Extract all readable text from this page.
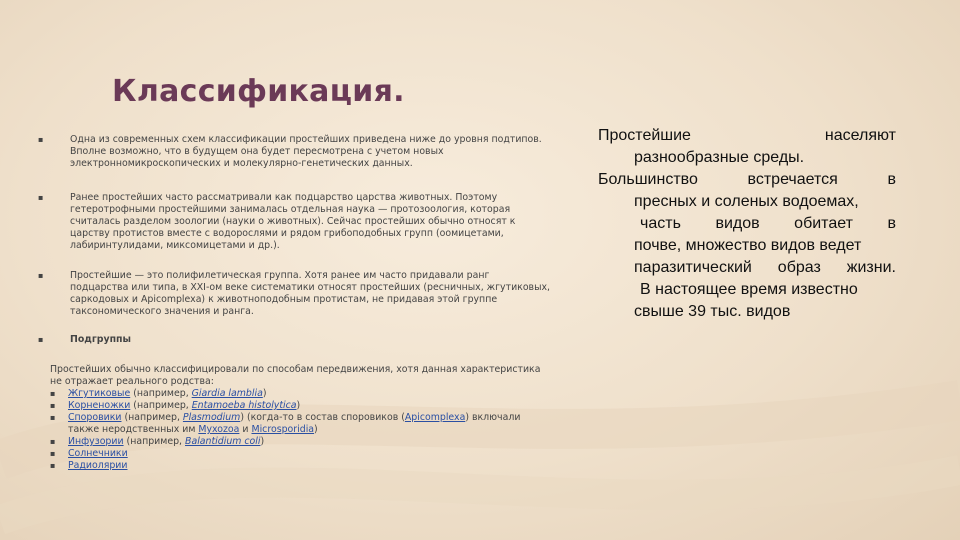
Классификация.
▪	Одна из современных схем классификации простейших приведена ниже до уровня подтипов. Вполне возможно, что в будущем она будет пересмотрена с учетом новых электронномикроскопических и молекулярно-генетических данных.
▪	Ранее простейших часто рассматривали как подцарство царства животных. Поэтому гетеротрофными простейшими занималась отдельная наука — протозоология, которая считалась разделом зоологии (науки о животных). Сейчас простейших обычно относят к царству протистов вместе с водорослями и рядом грибоподобных групп (оомицетами, лабиринтулидами, миксомицетами и др.).
▪	Простейшие — это полифилетическая группа. Хотя ранее им часто придавали ранг подцарства или типа, в XXI-ом веке систематики относят простейших (ресничных, жгутиковых, саркодовых и Apicomplexa) к животноподобным протистам, не придавая этой группе таксономического значения и ранга.
▪	Подгруппы
Простейших обычно классифицировали по способам передвижения, хотя данная характеристика не отражает реального родства:
▪ Жгутиковые (например, Giardia lamblia)
▪ Корненожки (например, Entamoeba histolytica)
▪ Споровики (например, Plasmodium) (когда-то в состав споровиков (Apicomplexa) включали также неродственных им Myxozoa и Microsporidia)
▪ Инфузории (например, Balantidium coli)
▪ Солнечники
▪ Радиолярии
Простейшие	населяют
разнообразные среды.
Большинство	встречается	в
пресных и соленых водоемах,
часть видов обитает в
почве, множество видов ведет
паразитический образ жизни.
В настоящее время известно
свыше 39 тыс. видов
